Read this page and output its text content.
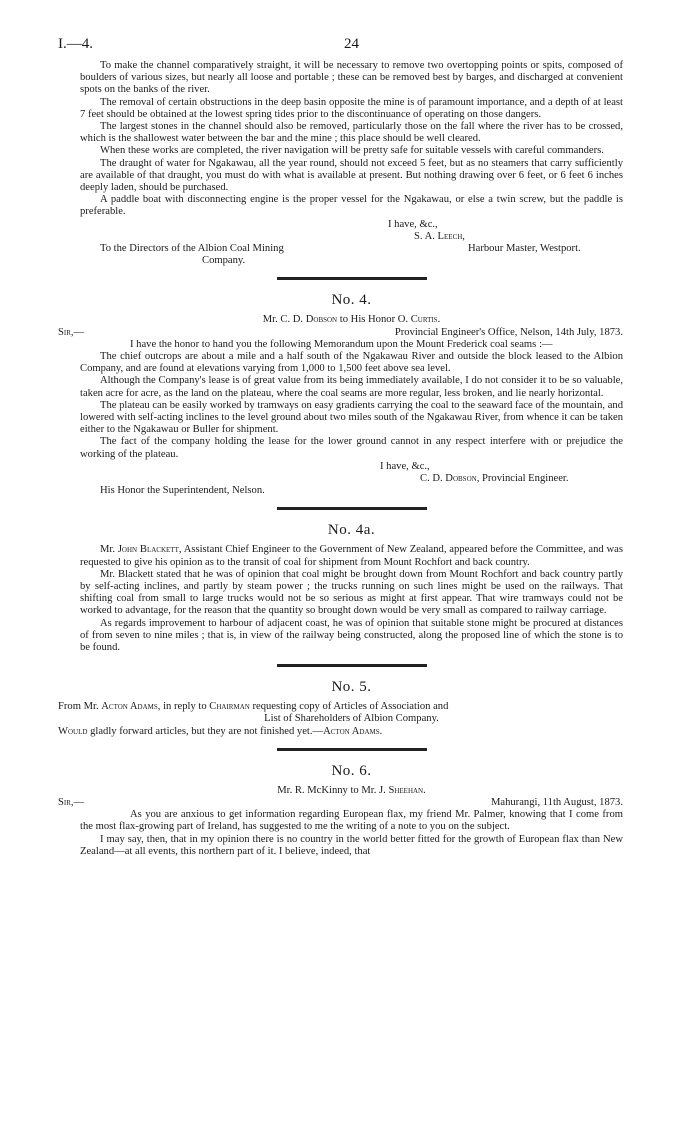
I.—4.	24

To make the channel comparatively straight, it will be necessary to remove two overtopping points or spits, composed of boulders of various sizes, but nearly all loose and portable ; these can be removed best by barges, and discharged at convenient spots on the banks of the river.

The removal of certain obstructions in the deep basin opposite the mine is of paramount importance, and a depth of at least 7 feet should be obtained at the lowest spring tides prior to the discontinuance of operating on those dangers.

The largest stones in the channel should also be removed, particularly those on the fall where the river has to be crossed, which is the shallowest water between the bar and the mine ; this place should be well cleared.

When these works are completed, the river navigation will be pretty safe for suitable vessels with careful commanders.

The draught of water for Ngakawau, all the year round, should not exceed 5 feet, but as no steamers that carry sufficiently are available of that draught, you must do with what is available at present. But nothing drawing over 6 feet, or 6 feet 6 inches deeply laden, should be purchased.

A paddle boat with disconnecting engine is the proper vessel for the Ngakawau, or else a twin screw, but the paddle is preferable.

I have, &c.,
S. A. Leech,
To the Directors of the Albion Coal Mining	Harbour Master, Westport.
Company.
No. 4.
Mr. C. D. Dobson to His Honor O. Curtis.
Sir,—	Provincial Engineer's Office, Nelson, 14th July, 1873.

I have the honor to hand you the following Memorandum upon the Mount Frederick coal seams :—

The chief outcrops are about a mile and a half south of the Ngakawau River and outside the block leased to the Albion Company, and are found at elevations varying from 1,000 to 1,500 feet above sea level.

Although the Company's lease is of great value from its being immediately available, I do not consider it to be so valuable, taken acre for acre, as the land on the plateau, where the coal seams are more regular, less broken, and lie nearly horizontal.

The plateau can be easily worked by tramways on easy gradients carrying the coal to the seaward face of the mountain, and lowered with self-acting inclines to the level ground about two miles south of the Ngakawau River, from whence it can be taken either to the Ngakawau or Buller for shipment.

The fact of the company holding the lease for the lower ground cannot in any respect interfere with or prejudice the working of the plateau.

I have, &c.,
C. D. Dobson, Provincial Engineer.
His Honor the Superintendent, Nelson.
No. 4a.

Mr. John Blackett, Assistant Chief Engineer to the Government of New Zealand, appeared before the Committee, and was requested to give his opinion as to the transit of coal for shipment from Mount Rochfort and back country.

Mr. Blackett stated that he was of opinion that coal might be brought down from Mount Rochfort and back country partly by self-acting inclines, and partly by steam power ; the trucks running on such lines might be used on the railways. That shifting coal from small to large trucks would not be so serious as might at first appear. That wire tramways could not be worked to advantage, for the reason that the quantity so brought down would be very small as compared to railway carriage.

As regards improvement to harbour of adjacent coast, he was of opinion that suitable stone might be procured at distances of from seven to nine miles ; that is, in view of the railway being constructed, along the proposed line of which the stone is to be found.

No. 5.

From Mr. Acton Adams, in reply to Chairman requesting copy of Articles of Association and

List of Shareholders of Albion Company.

Would gladly forward articles, but they are not finished yet.—Acton Adams.

No. 6.
Mr. R. McKinny to Mr. J. Sheehan.
Sir,—	Mahurangi, 11th August, 1873.

As you are anxious to get information regarding European flax, my friend Mr. Palmer, knowing that I come from the most flax-growing part of Ireland, has suggested to me the writing of a note to you on the subject.

I may say, then, that in my opinion there is no country in the world better fitted for the growth of European flax than New Zealand—at all events, this northern part of it. I believe, indeed, that
